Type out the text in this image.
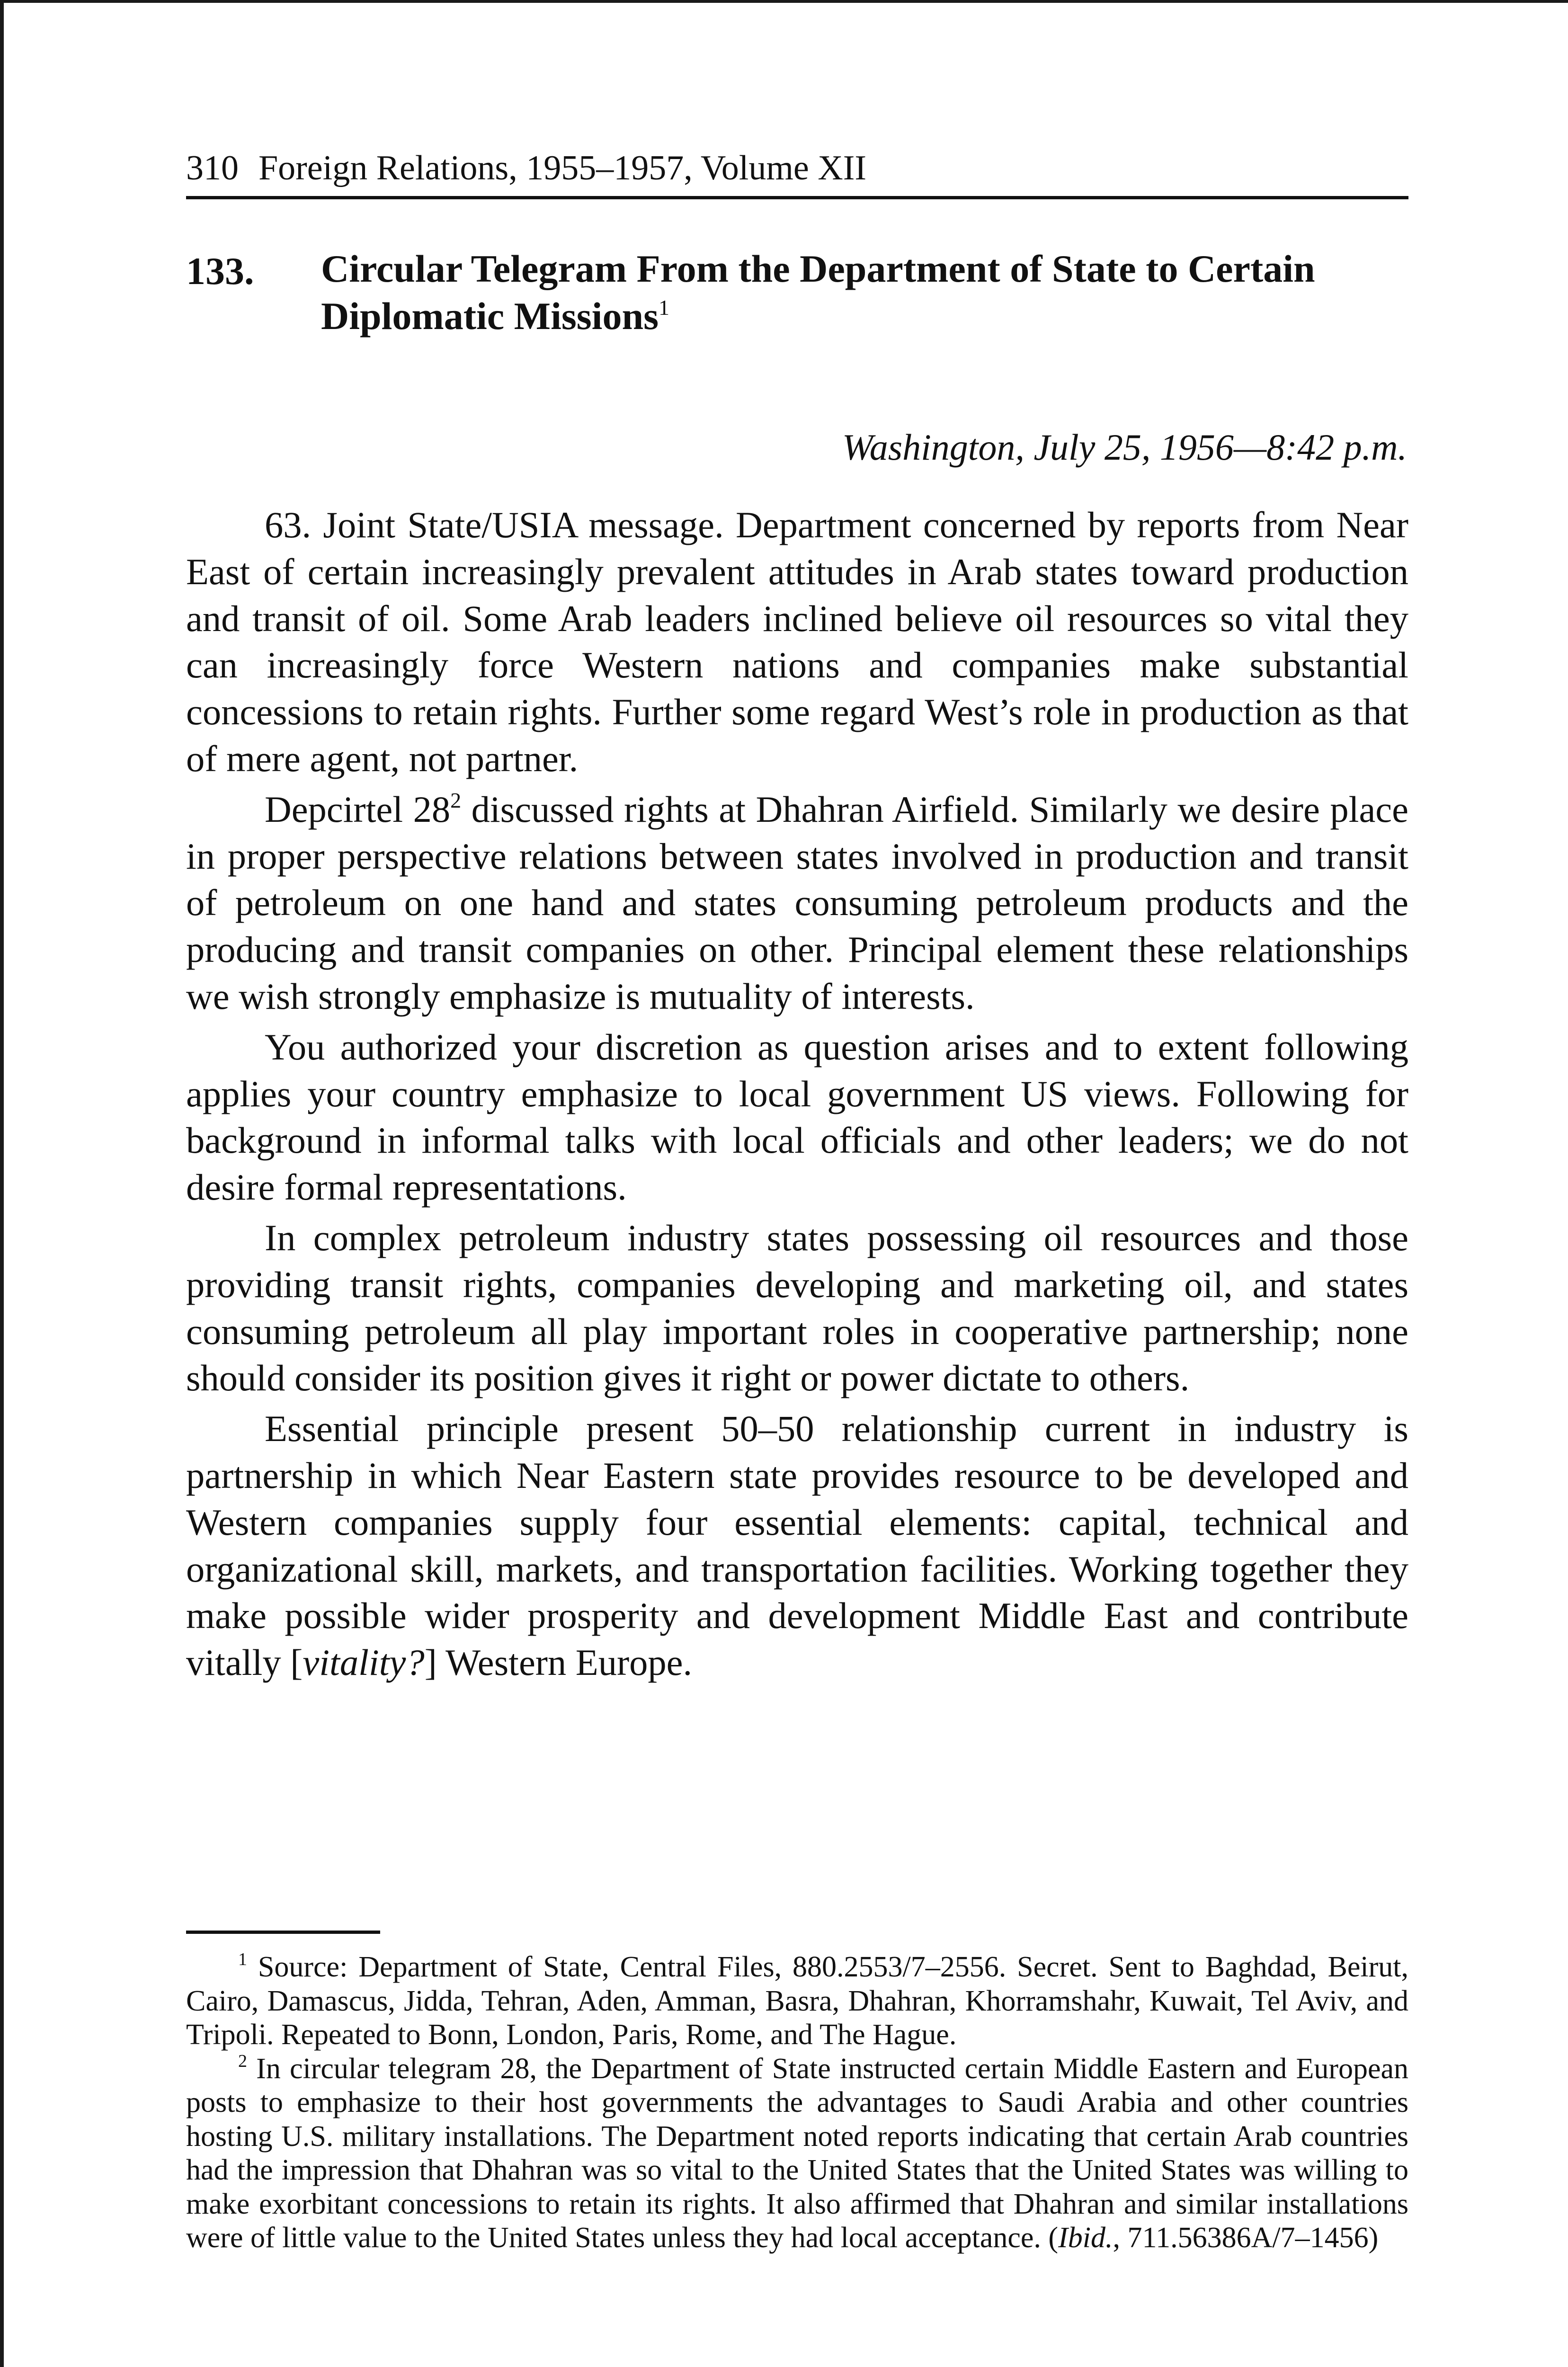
310 Foreign Relations, 1955–1957, Volume XII
133. Circular Telegram From the Department of State to Certain Diplomatic Missions$^1$
Washington, July 25, 1956—8:42 p.m.

63. Joint State/USIA message. Department concerned by reports from Near East of certain increasingly prevalent attitudes in Arab states toward production and transit of oil. Some Arab leaders inclined believe oil resources so vital they can increasingly force Western nations and companies make substantial concessions to retain rights. Further some regard West’s role in production as that of mere agent, not partner.

Depcirtel $28^2$ discussed rights at Dhahran Airfield. Similarly we desire place in proper perspective relations between states involved in production and transit of petroleum on one hand and states consuming petroleum products and the producing and transit companies on other. Principal element these relationships we wish strongly emphasize is mutuality of interests.

You authorized your discretion as question arises and to extent following applies your country emphasize to local government US views. Following for background in informal talks with local officials and other leaders; we do not desire formal representations.

In complex petroleum industry states possessing oil resources and those providing transit rights, companies developing and marketing oil, and states consuming petroleum all play important roles in cooperative partnership; none should consider its position gives it right or power dictate to others.

Essential principle present 50–50 relationship current in industry is partnership in which Near Eastern state provides resource to be developed and Western companies supply four essential elements: capital, technical and organizational skill, markets, and transportation facilities. Working together they make possible wider prosperity and development Middle East and contribute vitally [vitality?] Western Europe.

$^1$ Source: Department of State, Central Files, 880.2553/7–2556. Secret. Sent to Baghdad, Beirut, Cairo, Damascus, Jidda, Tehran, Aden, Amman, Basra, Dhahran, Khorramshahr, Kuwait, Tel Aviv, and Tripoli. Repeated to Bonn, London, Paris, Rome, and The Hague.

$^2$ In circular telegram 28, the Department of State instructed certain Middle Eastern and European posts to emphasize to their host governments the advantages to Saudi Arabia and other countries hosting U.S. military installations. The Department noted reports indicating that certain Arab countries had the impression that Dhahran was so vital to the United States that the United States was willing to make exorbitant concessions to retain its rights. It also affirmed that Dhahran and similar installations were of little value to the United States unless they had local acceptance. (Ibid., 711.56386A/7–1456)
